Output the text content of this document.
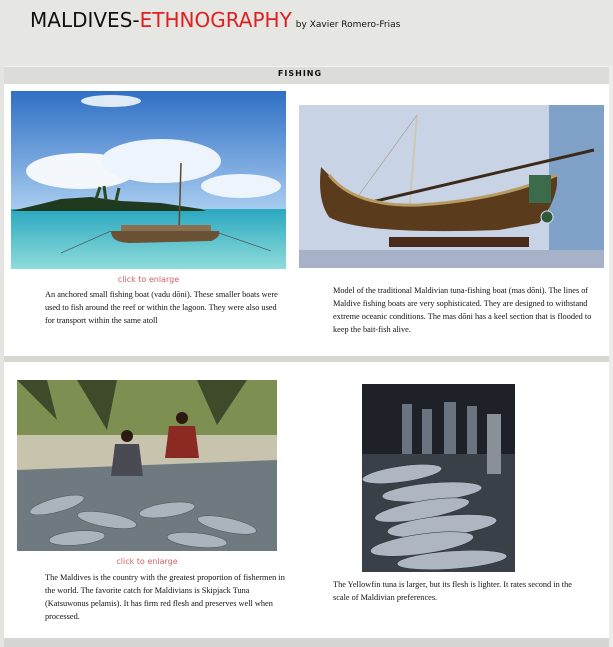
MALDIVES-ETHNOGRAPHY by Xavier Romero-Frias
FISHING
click to enlarge
An anchored small fishing boat (vadu dōni). These smaller boats were used to fish around the reef or within the lagoon. They were also used for transport within the same atoll
Model of the traditional Maldivian tuna-fishing boat (mas dōni). The lines of Maldive fishing boats are very sophisticated. They are designed to withstand extreme oceanic conditions. The mas dōni has a keel section that is flooded to keep the bait-fish alive.
click to enlarge
The Maldives is the country with the greatest proportion of fishermen in the world. The favorite catch for Maldivians is Skipjack Tuna (Katsuwonus pelamis). It has firm red flesh and preserves well when processed.
The Yellowfin tuna is larger, but its flesh is lighter. It rates second in the scale of Maldivian preferences.
